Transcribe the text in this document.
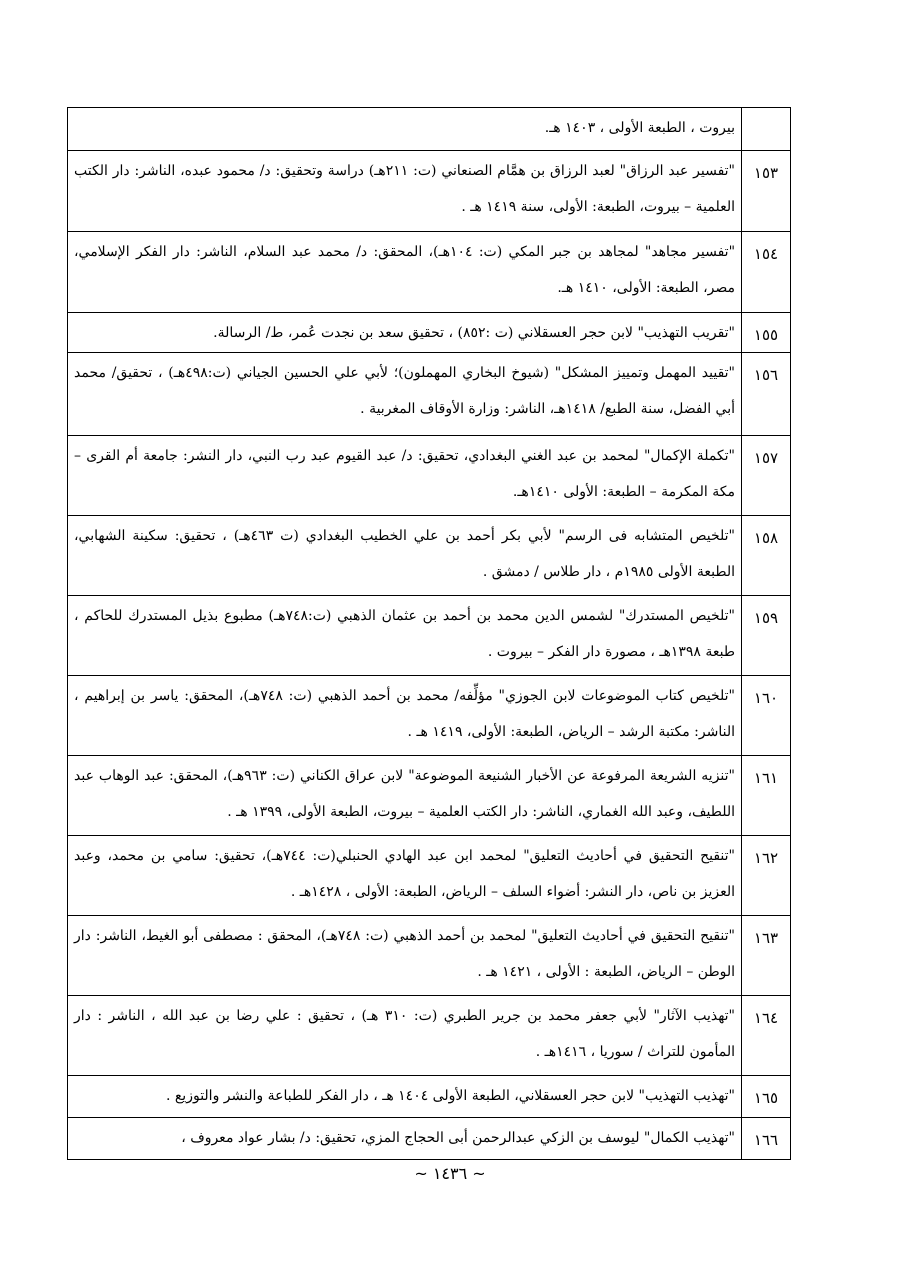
	بيروت ، الطبعة الأولى ، ١٤٠٣ هـ.
١٥٣	"تفسير عبد الرزاق" لعبد الرزاق بن همَّام الصنعاني (ت: ٢١١هـ) دراسة وتحقيق: د/ محمود عبده، الناشر: دار الكتب العلمية – بيروت، الطبعة: الأولى، سنة ١٤١٩ هـ .
١٥٤	"تفسير مجاهد" لمجاهد بن جبر المكي (ت: ١٠٤هـ)، المحقق: د/ محمد عبد السلام، الناشر: دار الفكر الإسلامي، مصر، الطبعة: الأولى، ١٤١٠ هـ.
١٥٥	"تقريب التهذيب" لابن حجر العسقلاني (ت :٨٥٢) ، تحقيق سعد بن نجدت عُمر، ط/ الرسالة.
١٥٦	"تقييد المهمل وتمييز المشكل" (شيوخ البخاري المهملون)؛ لأبي علي الحسين الجياني (ت:٤٩٨هـ) ، تحقيق/ محمد أبي الفضل، سنة الطبع/ ١٤١٨هـ، الناشر: وزارة الأوقاف المغربية .
١٥٧	"تكملة الإكمال" لمحمد بن عبد الغني البغدادي، تحقيق: د/ عبد القيوم عبد رب النبي، دار النشر: جامعة أم القرى – مكة المكرمة – الطبعة: الأولى ١٤١٠هـ.
١٥٨	"تلخيص المتشابه فى الرسم" لأبي بكر أحمد بن علي الخطيب البغدادي (ت ٤٦٣هـ) ، تحقيق: سكينة الشهابي، الطبعة الأولى ١٩٨٥م ، دار طلاس / دمشق .
١٥٩	"تلخيص المستدرك" لشمس الدين محمد بن أحمد بن عثمان الذهبي (ت:٧٤٨هـ) مطبوع بذيل المستدرك للحاكم ، طبعة ١٣٩٨هـ ، مصورة دار الفكر – بيروت .
١٦٠	"تلخيص كتاب الموضوعات لابن الجوزي" مؤلِّفه/ محمد بن أحمد الذهبي (ت: ٧٤٨هـ)، المحقق: ياسر بن إبراهيم ، الناشر: مكتبة الرشد – الرياض، الطبعة: الأولى، ١٤١٩ هـ .
١٦١	"تنزيه الشريعة المرفوعة عن الأخبار الشنيعة الموضوعة" لابن عراق الكناني (ت: ٩٦٣هـ)، المحقق: عبد الوهاب عبد اللطيف، وعبد الله الغماري، الناشر: دار الكتب العلمية – بيروت، الطبعة الأولى، ١٣٩٩ هـ .
١٦٢	"تنقيح التحقيق في أحاديث التعليق" لمحمد ابن عبد الهادي الحنبلي(ت: ٧٤٤هـ)، تحقيق: سامي بن محمد، وعبد العزيز بن ناص، دار النشر: أضواء السلف – الرياض، الطبعة: الأولى ، ١٤٢٨هـ .
١٦٣	"تنقيح التحقيق في أحاديث التعليق" لمحمد بن أحمد الذهبي (ت: ٧٤٨هـ)، المحقق : مصطفى أبو الغيط، الناشر: دار الوطن – الرياض، الطبعة : الأولى ، ١٤٢١ هـ .
١٦٤	"تهذيب الآثار" لأبي جعفر محمد بن جرير الطبري (ت: ٣١٠ هـ) ، تحقيق : علي رضا بن عبد الله ، الناشر : دار المأمون للتراث / سوريا ، ١٤١٦هـ .
١٦٥	"تهذيب التهذيب" لابن حجر العسقلاني، الطبعة الأولى ١٤٠٤ هـ ، دار الفكر للطباعة والنشر والتوزيع .
١٦٦	"تهذيب الكمال" ليوسف بن الزكي عبدالرحمن أبى الحجاج المزي، تحقيق: د/ بشار عواد معروف ،
~ ١٤٣٦ ~
